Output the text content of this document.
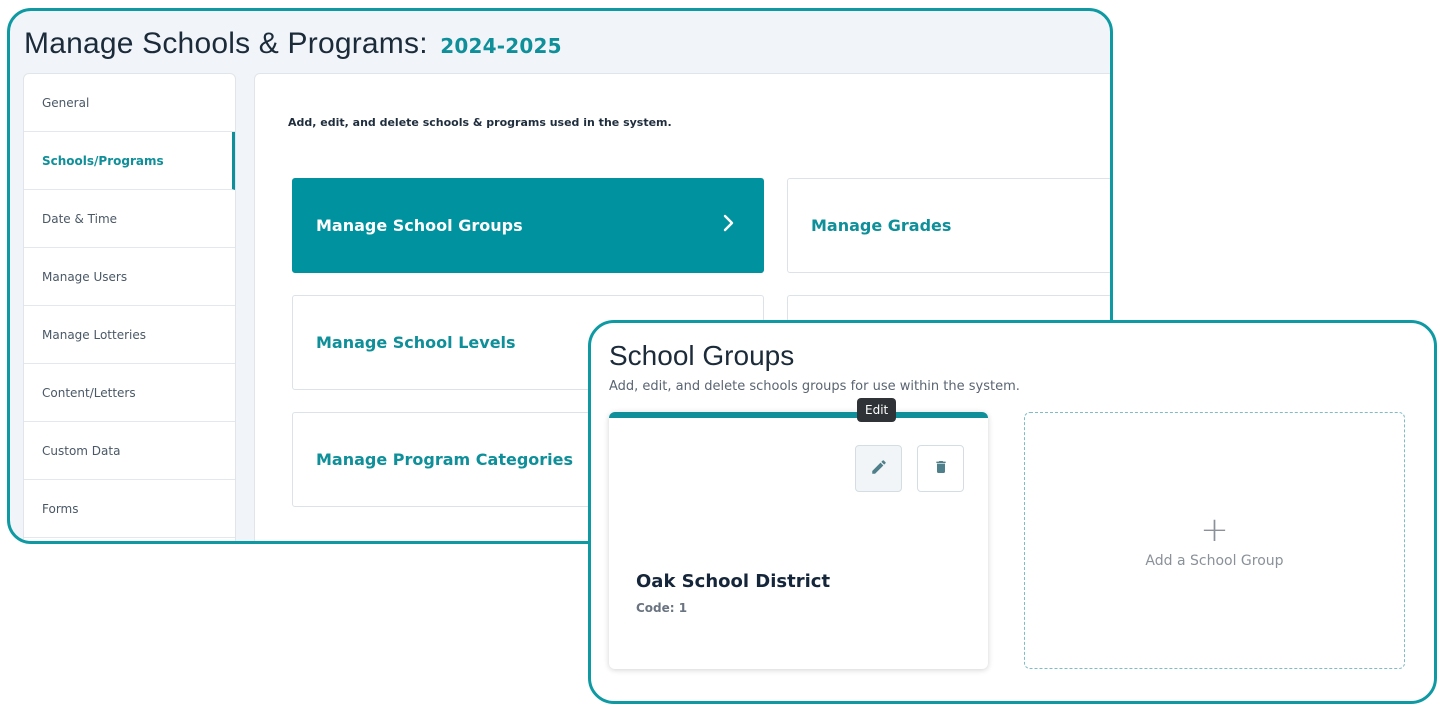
Manage Schools & Programs: 2024-2025
General
Schools/Programs
Date & Time
Manage Users
Manage Lotteries
Content/Letters
Custom Data
Forms
Add, edit, and delete schools & programs used in the system.
Manage School Groups	Manage Grades
Manage School Levels
Manage Program Categories
School Groups
Add, edit, and delete schools groups for use within the system.
Edit
Oak School District
Code: 1
+
Add a School Group
